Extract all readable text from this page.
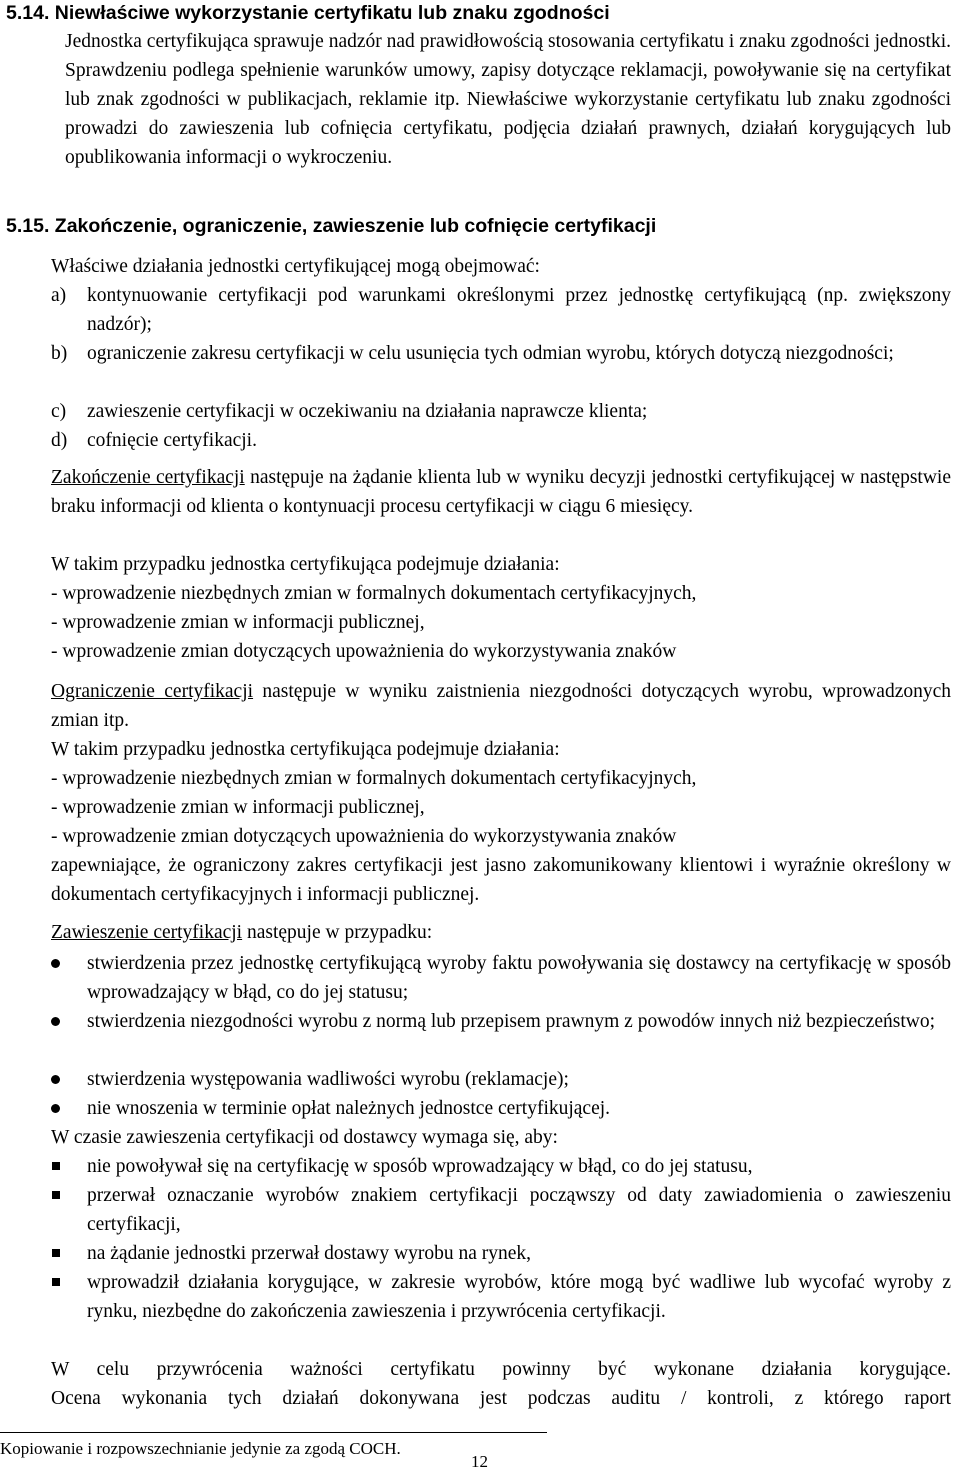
5.14. Niewłaściwe wykorzystanie certyfikatu lub znaku zgodności
Jednostka certyfikująca sprawuje nadzór nad prawidłowością stosowania certyfikatu i znaku zgodności jednostki. Sprawdzeniu podlega spełnienie warunków umowy, zapisy dotyczące reklamacji, powoływanie się na certyfikat lub znak zgodności w publikacjach, reklamie itp. Niewłaściwe wykorzystanie certyfikatu lub znaku zgodności prowadzi do zawieszenia lub cofnięcia certyfikatu, podjęcia działań prawnych, działań korygujących lub opublikowania informacji o wykroczeniu.
5.15. Zakończenie, ograniczenie, zawieszenie lub cofnięcie certyfikacji
Właściwe działania jednostki certyfikującej mogą obejmować:
a) kontynuowanie certyfikacji pod warunkami określonymi przez jednostkę certyfikującą (np. zwiększony nadzór);
b) ograniczenie zakresu certyfikacji w celu usunięcia tych odmian wyrobu, których dotyczą niezgodności;
c) zawieszenie certyfikacji w oczekiwaniu na działania naprawcze klienta;
d) cofnięcie certyfikacji.
Zakończenie certyfikacji następuje na żądanie klienta lub w wyniku decyzji jednostki certyfikującej w następstwie braku informacji od klienta o kontynuacji procesu certyfikacji w ciągu 6 miesięcy.
W takim przypadku jednostka certyfikująca podejmuje działania:
- wprowadzenie niezbędnych zmian w formalnych dokumentach certyfikacyjnych,
- wprowadzenie zmian w informacji publicznej,
- wprowadzenie zmian dotyczących upoważnienia do wykorzystywania znaków
Ograniczenie certyfikacji następuje w wyniku zaistnienia niezgodności dotyczących wyrobu, wprowadzonych zmian itp.
W takim przypadku jednostka certyfikująca podejmuje działania:
- wprowadzenie niezbędnych zmian w formalnych dokumentach certyfikacyjnych,
- wprowadzenie zmian w informacji publicznej,
- wprowadzenie zmian dotyczących upoważnienia do wykorzystywania znaków
zapewniające, że ograniczony zakres certyfikacji jest jasno zakomunikowany klientowi i wyraźnie określony w dokumentach certyfikacyjnych i informacji publicznej.
Zawieszenie certyfikacji następuje w przypadku:
stwierdzenia przez jednostkę certyfikującą wyroby faktu powoływania się dostawcy na certyfikację w sposób wprowadzający w błąd, co do jej statusu;
stwierdzenia niezgodności wyrobu z normą lub przepisem prawnym z powodów innych niż bezpieczeństwo;
stwierdzenia występowania wadliwości wyrobu (reklamacje);
nie wnoszenia w terminie opłat należnych jednostce certyfikującej.
W czasie zawieszenia certyfikacji od dostawcy wymaga się, aby:
nie powoływał się na certyfikację w sposób wprowadzający w błąd, co do jej statusu,
przerwał oznaczanie wyrobów znakiem certyfikacji począwszy od daty zawiadomienia o zawieszeniu certyfikacji,
na żądanie jednostki przerwał dostawy wyrobu na rynek,
wprowadził działania korygujące, w zakresie wyrobów, które mogą być wadliwe lub wycofać wyroby z rynku, niezbędne do zakończenia zawieszenia i przywrócenia certyfikacji.
W celu przywrócenia ważności certyfikatu powinny być wykonane działania korygujące.
Ocena wykonania tych działań dokonywana jest podczas auditu / kontroli, z którego raport
Kopiowanie i rozpowszechnianie jedynie za zgodą COCH.
12
